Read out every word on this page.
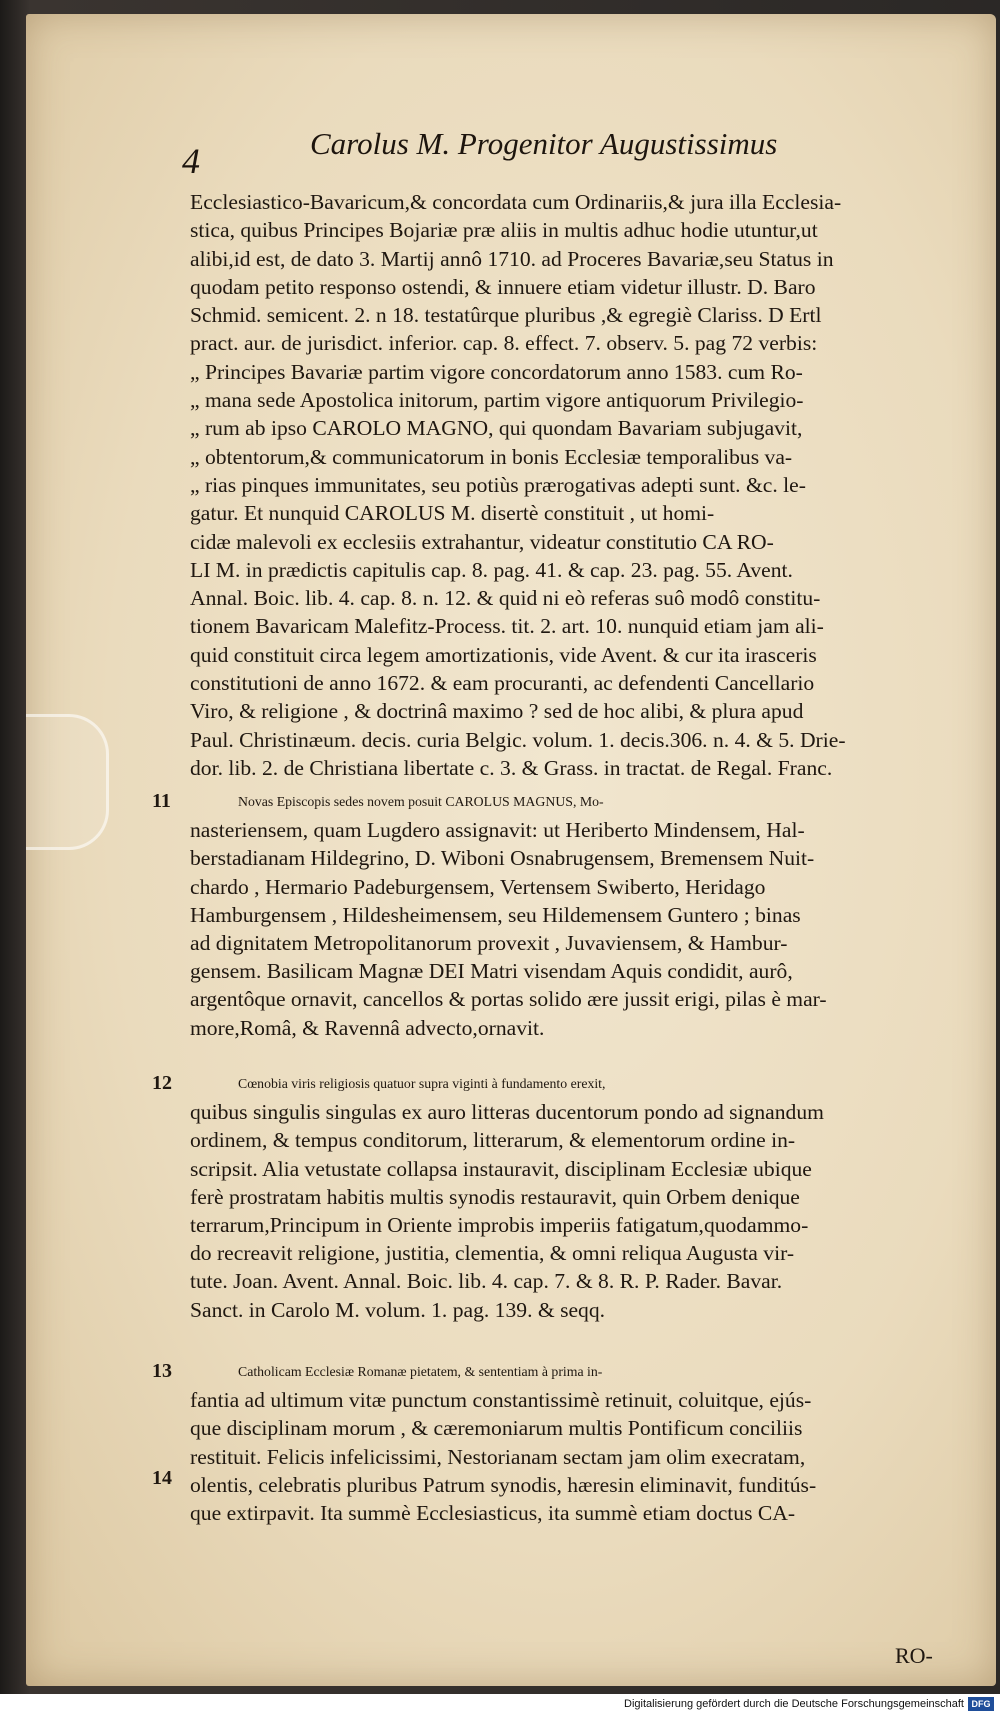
Carolus M. Progenitor Augustissimus
4
Ecclesiastico-Bavaricum,& concordata cum Ordinariis,& jura illa Ecclesia-
stica, quibus Principes Bojariæ præ aliis in multis adhuc hodie utuntur,ut
alibi,id est, de dato 3. Martij annô 1710. ad Proceres Bavariæ,seu Status in
quodam petito responso ostendi, & innuere etiam videtur illustr. D. Baro
Schmid. semicent. 2. n 18. testatûrque pluribus ,& egregiè Clariss. D Ertl
pract. aur. de jurisdict. inferior. cap. 8. effect. 7. observ. 5. pag 72 verbis:
„ Principes Bavariæ partim vigore concordatorum anno 1583. cum Ro-
„ mana sede Apostolica initorum, partim vigore antiquorum Privilegio-
„ rum ab ipso CAROLO MAGNO, qui quondam Bavariam subjugavit,
„ obtentorum,& communicatorum in bonis Ecclesiæ temporalibus va-
„ rias pinques immunitates, seu potiùs prærogativas adepti sunt. &c. le-
gatur. Et nunquid CAROLUS M. disertè constituit , ut homi-
cidæ malevoli ex ecclesiis extrahantur, videatur constitutio CA RO-
LI M. in prædictis capitulis cap. 8. pag. 41. & cap. 23. pag. 55. Avent.
Annal. Boic. lib. 4. cap. 8. n. 12. & quid ni eò referas suô modô constitu-
tionem Bavaricam Malefitz-Process. tit. 2. art. 10. nunquid etiam jam ali-
quid constituit circa legem amortizationis, vide Avent. & cur ita irasceris
constitutioni de anno 1672. & eam procuranti, ac defendenti Cancellario
Viro, & religione , & doctrinâ maximo ? sed de hoc alibi, & plura apud
Paul. Christinæum. decis. curia Belgic. volum. 1. decis.306. n. 4. & 5. Drie-
dor. lib. 2. de Christiana libertate c. 3. & Grass. in tractat. de Regal. Franc.
Novas Episcopis sedes novem posuit CAROLUS MAGNUS, Mo-
nasteriensem, quam Lugdero assignavit: ut Heriberto Mindensem, Hal-
berstadianam Hildegrino, D. Wiboni Osnabrugensem, Bremensem Nuit-
chardo , Hermario Padeburgensem, Vertensem Swiberto, Heridago
Hamburgensem , Hildesheimensem, seu Hildemensem Guntero ; binas
ad dignitatem Metropolitanorum provexit , Juvaviensem, & Hambur-
gensem. Basilicam Magnæ DEI Matri visendam Aquis condidit, aurô,
argentôque ornavit, cancellos & portas solido ære jussit erigi, pilas è mar-
more,Româ, & Ravennâ advecto,ornavit.
11
Cœnobia viris religiosis quatuor supra viginti à fundamento erexit,
quibus singulis singulas ex auro litteras ducentorum pondo ad signandum
ordinem, & tempus conditorum, litterarum, & elementorum ordine in-
scripsit. Alia vetustate collapsa instauravit, disciplinam Ecclesiæ ubique
ferè prostratam habitis multis synodis restauravit, quin Orbem denique
terrarum,Principum in Oriente improbis imperiis fatigatum,quodammo-
do recreavit religione, justitia, clementia, & omni reliqua Augusta vir-
tute. Joan. Avent. Annal. Boic. lib. 4. cap. 7. & 8. R. P. Rader. Bavar.
Sanct. in Carolo M. volum. 1. pag. 139. & seqq.
12
Catholicam Ecclesiæ Romanæ pietatem, & sententiam à prima in-
fantia ad ultimum vitæ punctum constantissimè retinuit, coluitque, ejús-
que disciplinam morum , & cæremoniarum multis Pontificum conciliis
restituit. Felicis infelicissimi, Nestorianam sectam jam olim execratam,
olentis, celebratis pluribus Patrum synodis, hæresin eliminavit, funditús-
que extirpavit. Ita summè Ecclesiasticus, ita summè etiam doctus CA-
13
14
RO-
Digitalisierung gefördert durch die Deutsche Forschungsgemeinschaft DFG
